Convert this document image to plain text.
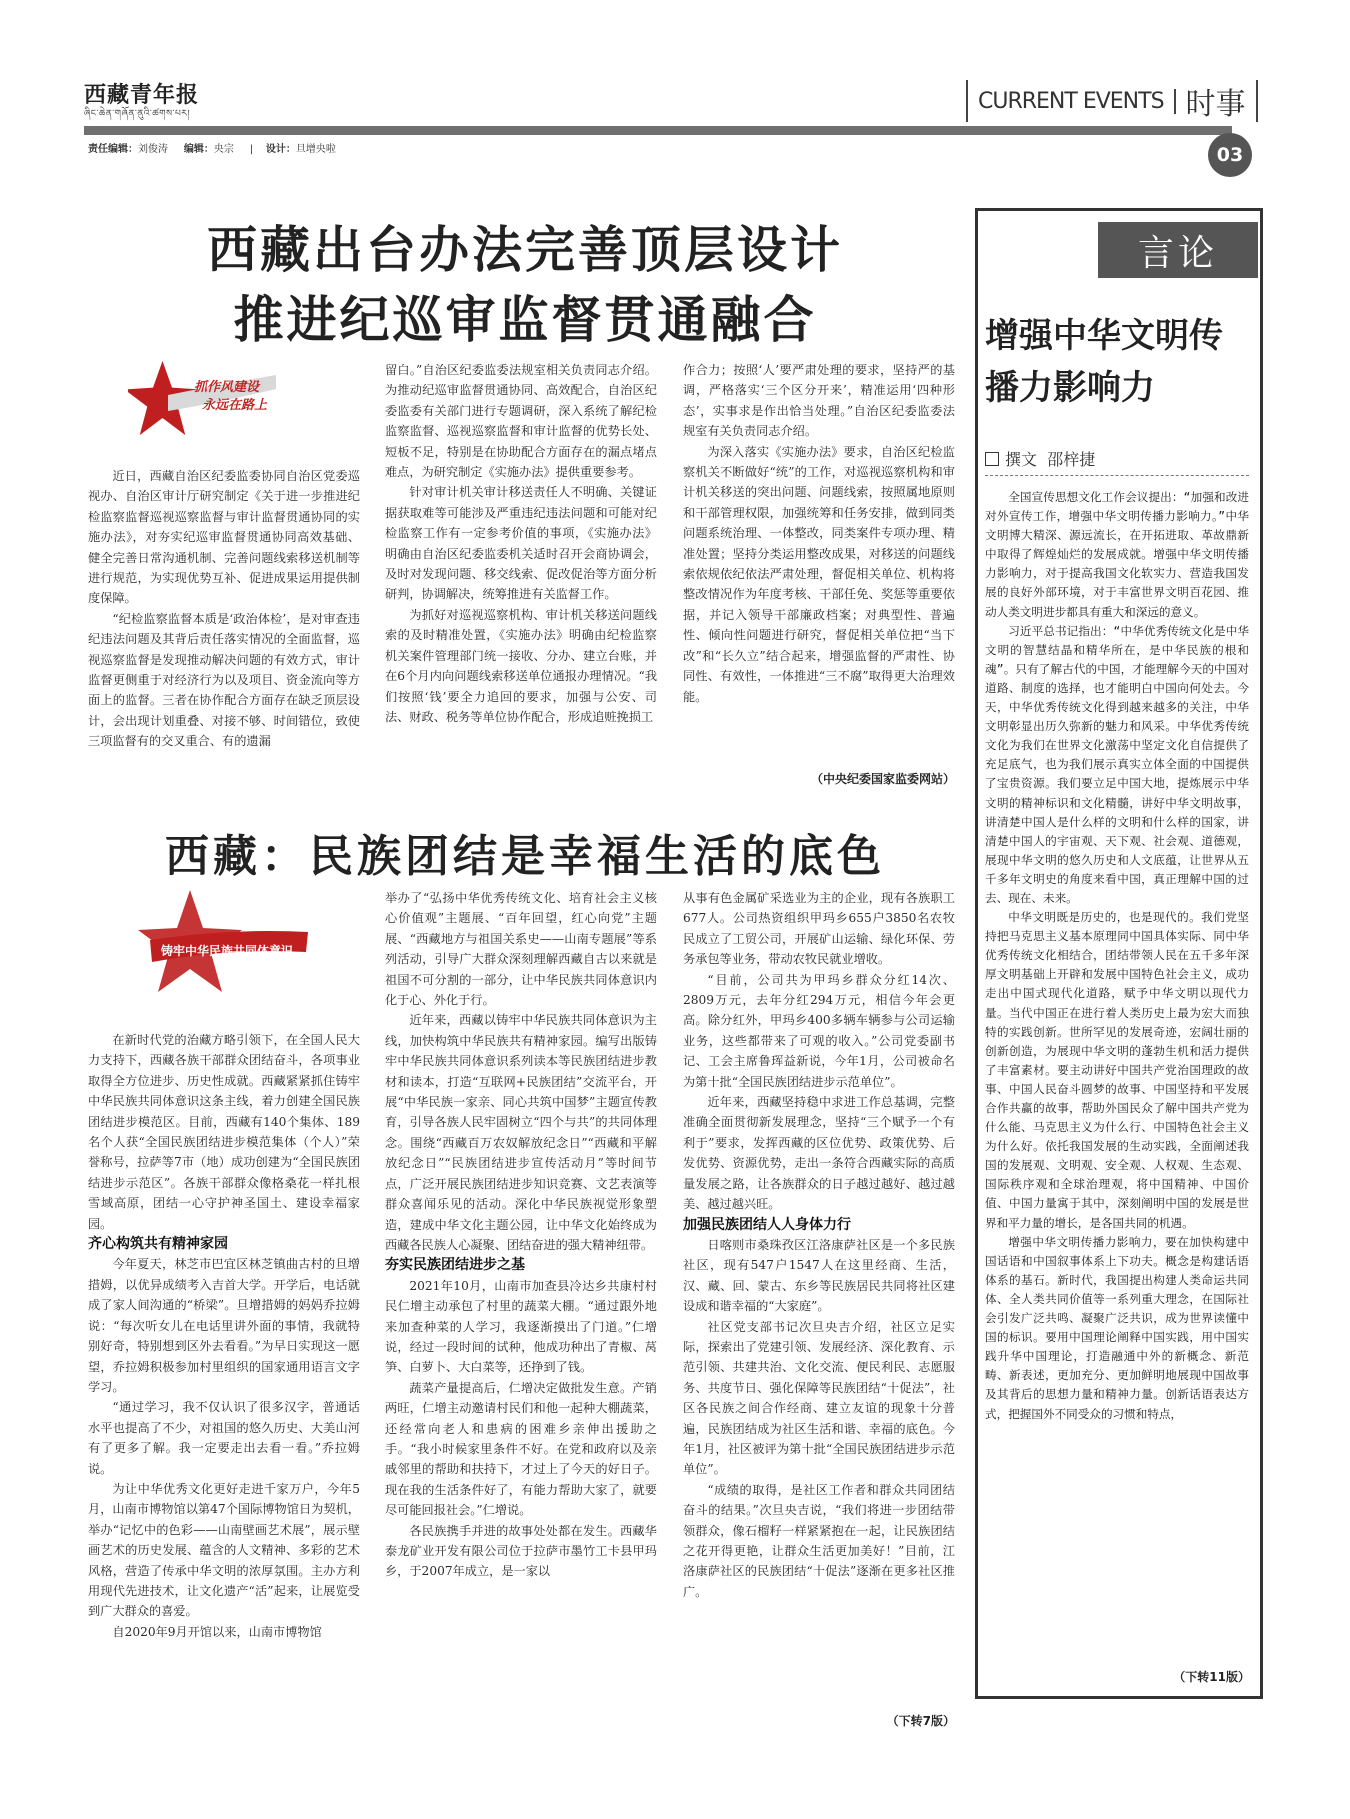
西藏青年报
ཞིང་ཆེན་གཞོན་ནུའི་ཚགས་པར།
CURRENT EVENTS 时事
03
责任编辑：刘俊涛 编辑：央宗     |    设计：旦增央啦
西藏出台办法完善顶层设计
推进纪巡审监督贯通融合
抓作风建设
永远在路上

近日，西藏自治区纪委监委协同自治区党委巡视办、自治区审计厅研究制定《关于进一步推进纪检监察监督巡视巡察监督与审计监督贯通协同的实施办法》，对夯实纪巡审监督贯通协同高效基础、健全完善日常沟通机制、完善问题线索移送机制等进行规范，为实现优势互补、促进成果运用提供制度保障。

“纪检监察监督本质是‘政治体检’，是对审查违纪违法问题及其背后责任落实情况的全面监督，巡视巡察监督是发现推动解决问题的有效方式，审计监督更侧重于对经济行为以及项目、资金流向等方面上的监督。三者在协作配合方面存在缺乏顶层设计，会出现计划重叠、对接不够、时间错位，致使三项监督有的交叉重合、有的遗漏

留白。”自治区纪委监委法规室相关负责同志介绍。为推动纪巡审监督贯通协同、高效配合，自治区纪委监委有关部门进行专题调研，深入系统了解纪检监察监督、巡视巡察监督和审计监督的优势长处、短板不足，特别是在协助配合方面存在的漏点堵点难点，为研究制定《实施办法》提供重要参考。

针对审计机关审计移送责任人不明确、关键证据获取难等可能涉及严重违纪违法问题和可能对纪检监察工作有一定参考价值的事项，《实施办法》明确由自治区纪委监委机关适时召开会商协调会，及时对发现问题、移交线索、促改促治等方面分析研判，协调解决，统筹推进有关监督工作。

为抓好对巡视巡察机构、审计机关移送问题线索的及时精准处置，《实施办法》明确由纪检监察机关案件管理部门统一接收、分办、建立台账，并在6个月内向问题线索移送单位通报办理情况。“我们按照‘钱’要全力追回的要求，加强与公安、司法、财政、税务等单位协作配合，形成追赃挽损工

作合力；按照‘人’要严肃处理的要求，坚持严的基调，严格落实‘三个区分开来’，精准运用‘四种形态’，实事求是作出恰当处理。”自治区纪委监委法规室有关负责同志介绍。

为深入落实《实施办法》要求，自治区纪检监察机关不断做好“统”的工作，对巡视巡察机构和审计机关移送的突出问题、问题线索，按照属地原则和干部管理权限，加强统筹和任务安排，做到同类问题系统治理、一体整改，同类案件专项办理、精准处置；坚持分类运用整改成果，对移送的问题线索依规依纪依法严肃处理，督促相关单位、机构将整改情况作为年度考核、干部任免、奖惩等重要依据，并记入领导干部廉政档案；对典型性、普遍性、倾向性问题进行研究，督促相关单位把“当下改”和“长久立”结合起来，增强监督的严肃性、协同性、有效性，一体推进“三不腐”取得更大治理效能。

（中央纪委国家监委网站）
西藏：民族团结是幸福生活的底色
铸牢中华民族共同体意识

在新时代党的治藏方略引领下，在全国人民大力支持下，西藏各族干部群众团结奋斗，各项事业取得全方位进步、历史性成就。西藏紧紧抓住铸牢中华民族共同体意识这条主线，着力创建全国民族团结进步模范区。目前，西藏有140个集体、189名个人获“全国民族团结进步模范集体（个人）”荣誉称号，拉萨等7市（地）成功创建为“全国民族团结进步示范区”。各族干部群众像格桑花一样扎根雪域高原，团结一心守护神圣国土、建设幸福家园。

齐心构筑共有精神家园

今年夏天，林芝市巴宜区林芝镇曲古村的旦增措姆，以优异成绩考入吉首大学。开学后，电话就成了家人间沟通的“桥梁”。旦增措姆的妈妈乔拉姆说：“每次听女儿在电话里讲外面的事情，我就特别好奇，特别想到区外去看看。”为早日实现这一愿望，乔拉姆积极参加村里组织的国家通用语言文字学习。

“通过学习，我不仅认识了很多汉字，普通话水平也提高了不少，对祖国的悠久历史、大美山河有了更多了解。我一定要走出去看一看。”乔拉姆说。

为让中华优秀文化更好走进千家万户，今年5月，山南市博物馆以第47个国际博物馆日为契机，举办“记忆中的色彩——山南壁画艺术展”，展示壁画艺术的历史发展、蕴含的人文精神、多彩的艺术风格，营造了传承中华文明的浓厚氛围。主办方利用现代先进技术，让文化遗产“活”起来，让展览受到广大群众的喜爱。

自2020年9月开馆以来，山南市博物馆

举办了“弘扬中华优秀传统文化、培育社会主义核心价值观”主题展、“百年回望，红心向党”主题展、“西藏地方与祖国关系史——山南专题展”等系列活动，引导广大群众深刻理解西藏自古以来就是祖国不可分割的一部分，让中华民族共同体意识内化于心、外化于行。

近年来，西藏以铸牢中华民族共同体意识为主线，加快构筑中华民族共有精神家园。编写出版铸牢中华民族共同体意识系列读本等民族团结进步教材和读本，打造“互联网+民族团结”交流平台，开展“中华民族一家亲、同心共筑中国梦”主题宣传教育，引导各族人民牢固树立“四个与共”的共同体理念。围绕“西藏百万农奴解放纪念日”“西藏和平解放纪念日”“民族团结进步宣传活动月”等时间节点，广泛开展民族团结进步知识竞赛、文艺表演等群众喜闻乐见的活动。深化中华民族视觉形象塑造，建成中华文化主题公园，让中华文化始终成为西藏各民族人心凝聚、团结奋进的强大精神纽带。

夯实民族团结进步之基

2021年10月，山南市加查县冷达乡共康村村民仁增主动承包了村里的蔬菜大棚。“通过跟外地来加查种菜的人学习，我逐渐摸出了门道。”仁增说，经过一段时间的试种，他成功种出了青椒、莴笋、白萝卜、大白菜等，还挣到了钱。

蔬菜产量提高后，仁增决定做批发生意。产销两旺，仁增主动邀请村民们和他一起种大棚蔬菜，还经常向老人和患病的困难乡亲伸出援助之手。“我小时候家里条件不好。在党和政府以及亲戚邻里的帮助和扶持下，才过上了今天的好日子。现在我的生活条件好了，有能力帮助大家了，就要尽可能回报社会。”仁增说。

各民族携手并进的故事处处都在发生。西藏华泰龙矿业开发有限公司位于拉萨市墨竹工卡县甲玛乡，于2007年成立，是一家以

从事有色金属矿采选业为主的企业，现有各族职工677人。公司热资组织甲玛乡655户3850名农牧民成立了工贸公司，开展矿山运输、绿化环保、劳务承包等业务，带动农牧民就业增收。

“目前，公司共为甲玛乡群众分红14次、2809万元，去年分红294万元，相信今年会更高。除分红外，甲玛乡400多辆车辆参与公司运输业务，这些都带来了可观的收入。”公司党委副书记、工会主席鲁珲益新说，今年1月，公司被命名为第十批“全国民族团结进步示范单位”。

近年来，西藏坚持稳中求进工作总基调，完整准确全面贯彻新发展理念，坚持“三个赋予一个有利于”要求，发挥西藏的区位优势、政策优势、后发优势、资源优势，走出一条符合西藏实际的高质量发展之路，让各族群众的日子越过越好、越过越美、越过越兴旺。

加强民族团结人人身体力行

日喀则市桑珠孜区江洛康萨社区是一个多民族社区，现有547户1547人在这里经商、生活，汉、藏、回、蒙古、东乡等民族居民共同将社区建设成和谐幸福的“大家庭”。

社区党支部书记次旦央吉介绍，社区立足实际，探索出了党建引领、发展经济、深化教育、示范引领、共建共治、文化交流、便民利民、志愿服务、共度节日、强化保障等民族团结“十促法”，社区各民族之间合作经商、建立友谊的现象十分普遍，民族团结成为社区生活和谐、幸福的底色。今年1月，社区被评为第十批“全国民族团结进步示范单位”。

“成绩的取得，是社区工作者和群众共同团结奋斗的结果。”次旦央吉说，“我们将进一步团结带领群众，像石榴籽一样紧紧抱在一起，让民族团结之花开得更艳，让群众生活更加美好！”目前，江洛康萨社区的民族团结“十促法”逐渐在更多社区推广。

（下转7版）
言论
增强中华文明传
播力影响力
撰文 邵梓捷

全国宣传思想文化工作会议提出：“加强和改进对外宣传工作，增强中华文明传播力影响力。”中华文明博大精深、源远流长，在开拓进取、革故鼎新中取得了辉煌灿烂的发展成就。增强中华文明传播力影响力，对于提高我国文化软实力、营造我国发展的良好外部环境，对于丰富世界文明百花园、推动人类文明进步都具有重大和深远的意义。

习近平总书记指出：“中华优秀传统文化是中华文明的智慧结晶和精华所在，是中华民族的根和魂”。只有了解古代的中国，才能理解今天的中国对道路、制度的选择，也才能明白中国向何处去。今天，中华优秀传统文化得到越来越多的关注，中华文明彰显出历久弥新的魅力和风采。中华优秀传统文化为我们在世界文化激荡中坚定文化自信提供了充足底气，也为我们展示真实立体全面的中国提供了宝贵资源。我们要立足中国大地，提炼展示中华文明的精神标识和文化精髓，讲好中华文明故事，讲清楚中国人是什么样的文明和什么样的国家，讲清楚中国人的宇宙观、天下观、社会观、道德观，展现中华文明的悠久历史和人文底蕴，让世界从五千多年文明史的角度来看中国，真正理解中国的过去、现在、未来。

中华文明既是历史的，也是现代的。我们党坚持把马克思主义基本原理同中国具体实际、同中华优秀传统文化相结合，团结带领人民在五千多年深厚文明基础上开辟和发展中国特色社会主义，成功走出中国式现代化道路，赋予中华文明以现代力量。当代中国正在进行着人类历史上最为宏大而独特的实践创新。世所罕见的发展奇迹，宏阔壮丽的创新创造，为展现中华文明的蓬勃生机和活力提供了丰富素材。要主动讲好中国共产党治国理政的故事、中国人民奋斗圆梦的故事、中国坚持和平发展合作共赢的故事，帮助外国民众了解中国共产党为什么能、马克思主义为什么行、中国特色社会主义为什么好。依托我国发展的生动实践，全面阐述我国的发展观、文明观、安全观、人权观、生态观、国际秩序观和全球治理观，将中国精神、中国价值、中国力量寓于其中，深刻阐明中国的发展是世界和平力量的增长，是各国共同的机遇。

增强中华文明传播力影响力，要在加快构建中国话语和中国叙事体系上下功夫。概念是构建话语体系的基石。新时代，我国提出构建人类命运共同体、全人类共同价值等一系列重大理念，在国际社会引发广泛共鸣、凝聚广泛共识，成为世界读懂中国的标识。要用中国理论阐释中国实践，用中国实践升华中国理论，打造融通中外的新概念、新范畴、新表述，更加充分、更加鲜明地展现中国故事及其背后的思想力量和精神力量。创新话语表达方式，把握国外不同受众的习惯和特点，

（下转11版）
